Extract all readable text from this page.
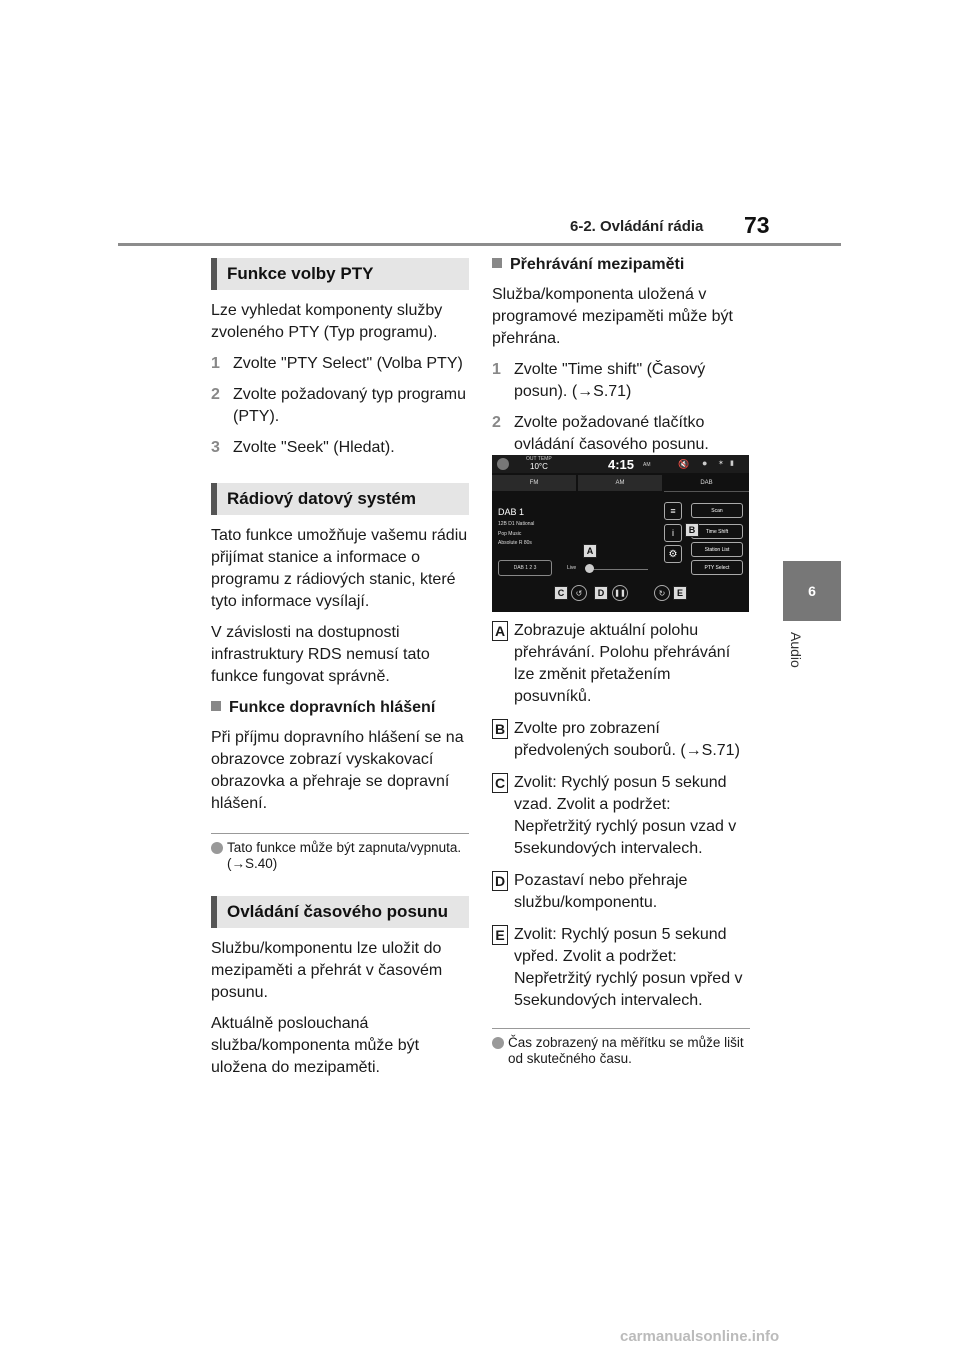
6-2. Ovládání rádia 73
6
Audio
Funkce volby PTY

Lze vyhledat komponenty služby zvoleného PTY (Typ programu).

1 Zvolte "PTY Select" (Volba PTY)
2 Zvolte požadovaný typ programu (PTY).
3 Zvolte "Seek" (Hledat).
Rádiový datový systém

Tato funkce umožňuje vašemu rádiu přijímat stanice a informace o programu z rádiových stanic, které tyto informace vysílají.

V závislosti na dostupnosti infrastruktury RDS nemusí tato funkce fungovat správně.

Funkce dopravních hlášení

Při příjmu dopravního hlášení se na obrazovce zobrazí vyskakovací obrazovka a přehraje se dopravní hlášení.

Tato funkce může být zapnuta/vypnuta. (→S.40)
Ovládání časového posunu

Službu/komponentu lze uložit do mezipaměti a přehrát v časovém posunu.

Aktuálně poslouchaná služba/komponenta může být uložena do mezipaměti.

Přehrávání mezipaměti

Služba/komponenta uložená v programové mezipaměti může být přehrána.

1 Zvolte "Time shift" (Časový posun). (→S.71)
2 Zvolte požadované tlačítko ovládání časového posunu.
OUT TEMP
10°C	4:15 AM	🔇 ● ✶ ▮
FM	AM	DAB
DAB 1
12B D1 National
Pop Music
Absolute R 80s
DAB 1 2 3	Live
A
≡
i
⚙
Scan
Time Shift
Station List
PTY Select
B
C	↺	D	❚❚	↻	E
A Zobrazuje aktuální polohu přehrávání. Polohu přehrávání lze změnit přetažením posuvníků.
B Zvolte pro zobrazení předvolených souborů. (→S.71)
C Zvolit: Rychlý posun 5 sekund vzad. Zvolit a podržet: Nepřetržitý rychlý posun vzad v 5sekundových intervalech.
D Pozastaví nebo přehraje službu/komponentu.
E Zvolit: Rychlý posun 5 sekund vpřed. Zvolit a podržet: Nepřetržitý rychlý posun vpřed v 5sekundových intervalech.
Čas zobrazený na měřítku se může lišit od skutečného času.
carmanualsonline.info
